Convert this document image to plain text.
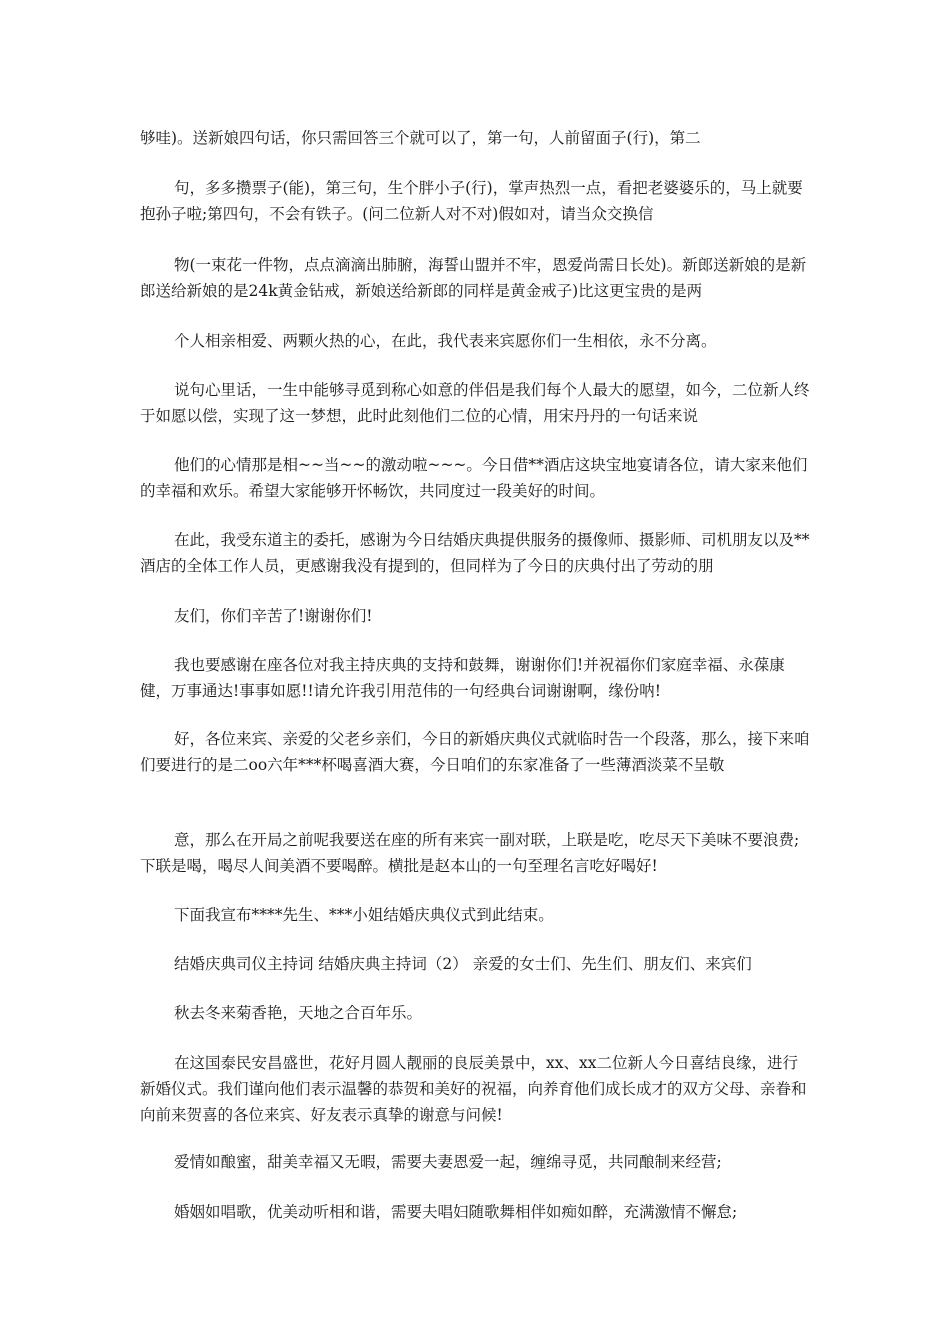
够哇)。送新娘四句话，你只需回答三个就可以了，第一句，人前留面子(行)，第二

句，多多攒票子(能)，第三句，生个胖小子(行)，掌声热烈一点，看把老婆婆乐的，马上就要抱孙子啦;第四句，不会有铁子。(问二位新人对不对)假如对，请当众交换信

物(一束花一件物，点点滴滴出肺腑，海誓山盟并不牢，恩爱尚需日长处)。新郎送新娘的是新郎送给新娘的是24k黄金钻戒，新娘送给新郎的同样是黄金戒子)比这更宝贵的是两

个人相亲相爱、两颗火热的心，在此，我代表来宾愿你们一生相依，永不分离。

说句心里话，一生中能够寻觅到称心如意的伴侣是我们每个人最大的愿望，如今，二位新人终于如愿以偿，实现了这一梦想，此时此刻他们二位的心情，用宋丹丹的一句话来说

他们的心情那是相~~当~~的激动啦~~~。今日借**酒店这块宝地宴请各位，请大家来他们的幸福和欢乐。希望大家能够开怀畅饮，共同度过一段美好的时间。

在此，我受东道主的委托，感谢为今日结婚庆典提供服务的摄像师、摄影师、司机朋友以及**酒店的全体工作人员，更感谢我没有提到的，但同样为了今日的庆典付出了劳动的朋

友们，你们辛苦了!谢谢你们!

我也要感谢在座各位对我主持庆典的支持和鼓舞，谢谢你们!并祝福你们家庭幸福、永葆康健，万事通达!事事如愿!!请允许我引用范伟的一句经典台词谢谢啊，缘份呐!

好，各位来宾、亲爱的父老乡亲们，今日的新婚庆典仪式就临时告一个段落，那么，接下来咱们要进行的是二oo六年***杯喝喜酒大赛，今日咱们的东家准备了一些薄酒淡菜不呈敬

意，那么在开局之前呢我要送在座的所有来宾一副对联，上联是吃，吃尽天下美味不要浪费;下联是喝，喝尽人间美酒不要喝醉。横批是赵本山的一句至理名言吃好喝好!

下面我宣布****先生、***小姐结婚庆典仪式到此结束。

结婚庆典司仪主持词 结婚庆典主持词（2） 亲爱的女士们、先生们、朋友们、来宾们

秋去冬来菊香艳，天地之合百年乐。

在这国泰民安昌盛世，花好月圆人靓丽的良辰美景中，xx、xx二位新人今日喜结良缘，进行新婚仪式。我们谨向他们表示温馨的恭贺和美好的祝福，向养育他们成长成才的双方父母、亲眷和向前来贺喜的各位来宾、好友表示真挚的谢意与问候!

爱情如酿蜜，甜美幸福又无暇，需要夫妻恩爱一起，缠绵寻觅，共同酿制来经营;

婚姻如唱歌，优美动听相和谐，需要夫唱妇随歌舞相伴如痴如醉，充满激情不懈怠;
